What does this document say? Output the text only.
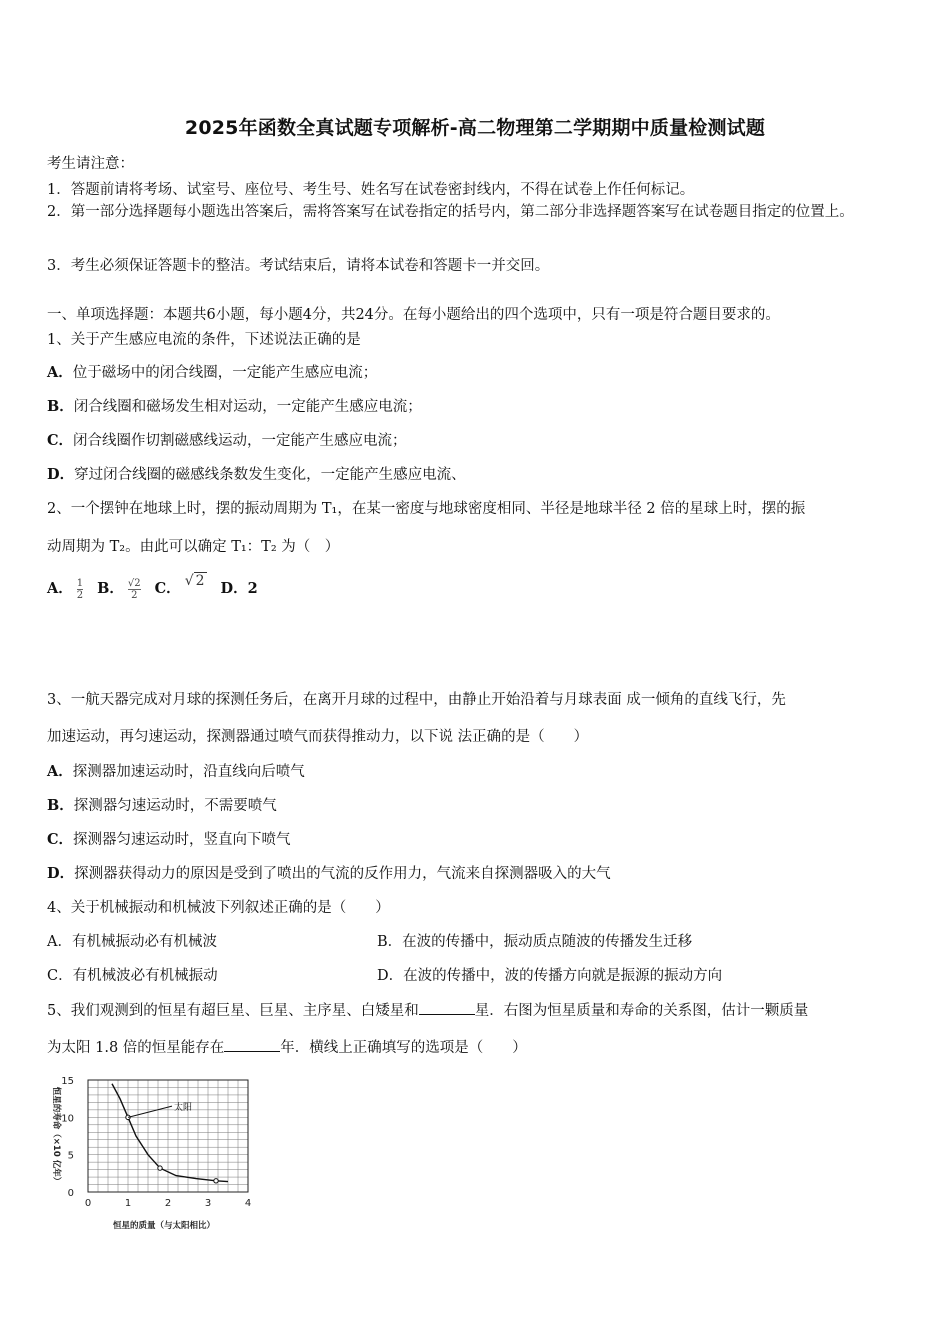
2025年函数全真试题专项解析-高二物理第二学期期中质量检测试题
考生请注意：
1．答题前请将考场、试室号、座位号、考生号、姓名写在试卷密封线内，不得在试卷上作任何标记。
2．第一部分选择题每小题选出答案后，需将答案写在试卷指定的括号内，第二部分非选择题答案写在试卷题目指定的位置上。
3．考生必须保证答题卡的整洁。考试结束后，请将本试卷和答题卡一并交回。
一、单项选择题：本题共6小题，每小题4分，共24分。在每小题给出的四个选项中，只有一项是符合题目要求的。
1、关于产生感应电流的条件，下述说法正确的是
A．位于磁场中的闭合线圈，一定能产生感应电流；
B．闭合线圈和磁场发生相对运动，一定能产生感应电流；
C．闭合线圈作切割磁感线运动，一定能产生感应电流；
D．穿过闭合线圈的磁感线条数发生变化，一定能产生感应电流、
2、一个摆钟在地球上时，摆的振动周期为 T₁，在某一密度与地球密度相同、半径是地球半径 2 倍的星球上时，摆的振
动周期为 T₂。由此可以确定 T₁：T₂ 为（　）
A． $\frac{1}{2}$ B． $\frac{√2}{2}$ C． √ 2 D．2
3、一航天器完成对月球的探测任务后，在离开月球的过程中，由静止开始沿着与月球表面 成一倾角的直线飞行，先
加速运动，再匀速运动，探测器通过喷气而获得推动力，以下说 法正确的是（　　）
A．探测器加速运动时，沿直线向后喷气
B．探测器匀速运动时，不需要喷气
C．探测器匀速运动时，竖直向下喷气
D．探测器获得动力的原因是受到了喷出的气流的反作用力，气流来自探测器吸入的大气
4、关于机械振动和机械波下列叙述正确的是（　　）
A．有机械振动必有机械波	B．在波的传播中，振动质点随波的传播发生迁移
C．有机械波必有机械振动	D．在波的传播中，波的传播方向就是振源的振动方向
5、我们观测到的恒星有超巨星、巨星、主序星、白矮星和	星．右图为恒星质量和寿命的关系图，估计一颗质量
为太阳 1.8 倍的恒星能存在	年．横线上正确填写的选项是（　　）
0	1	2	3	4
0
5
10
15
恒星的质量（与太阳相比）
恒星的寿命（×10 亿年）	太阳
